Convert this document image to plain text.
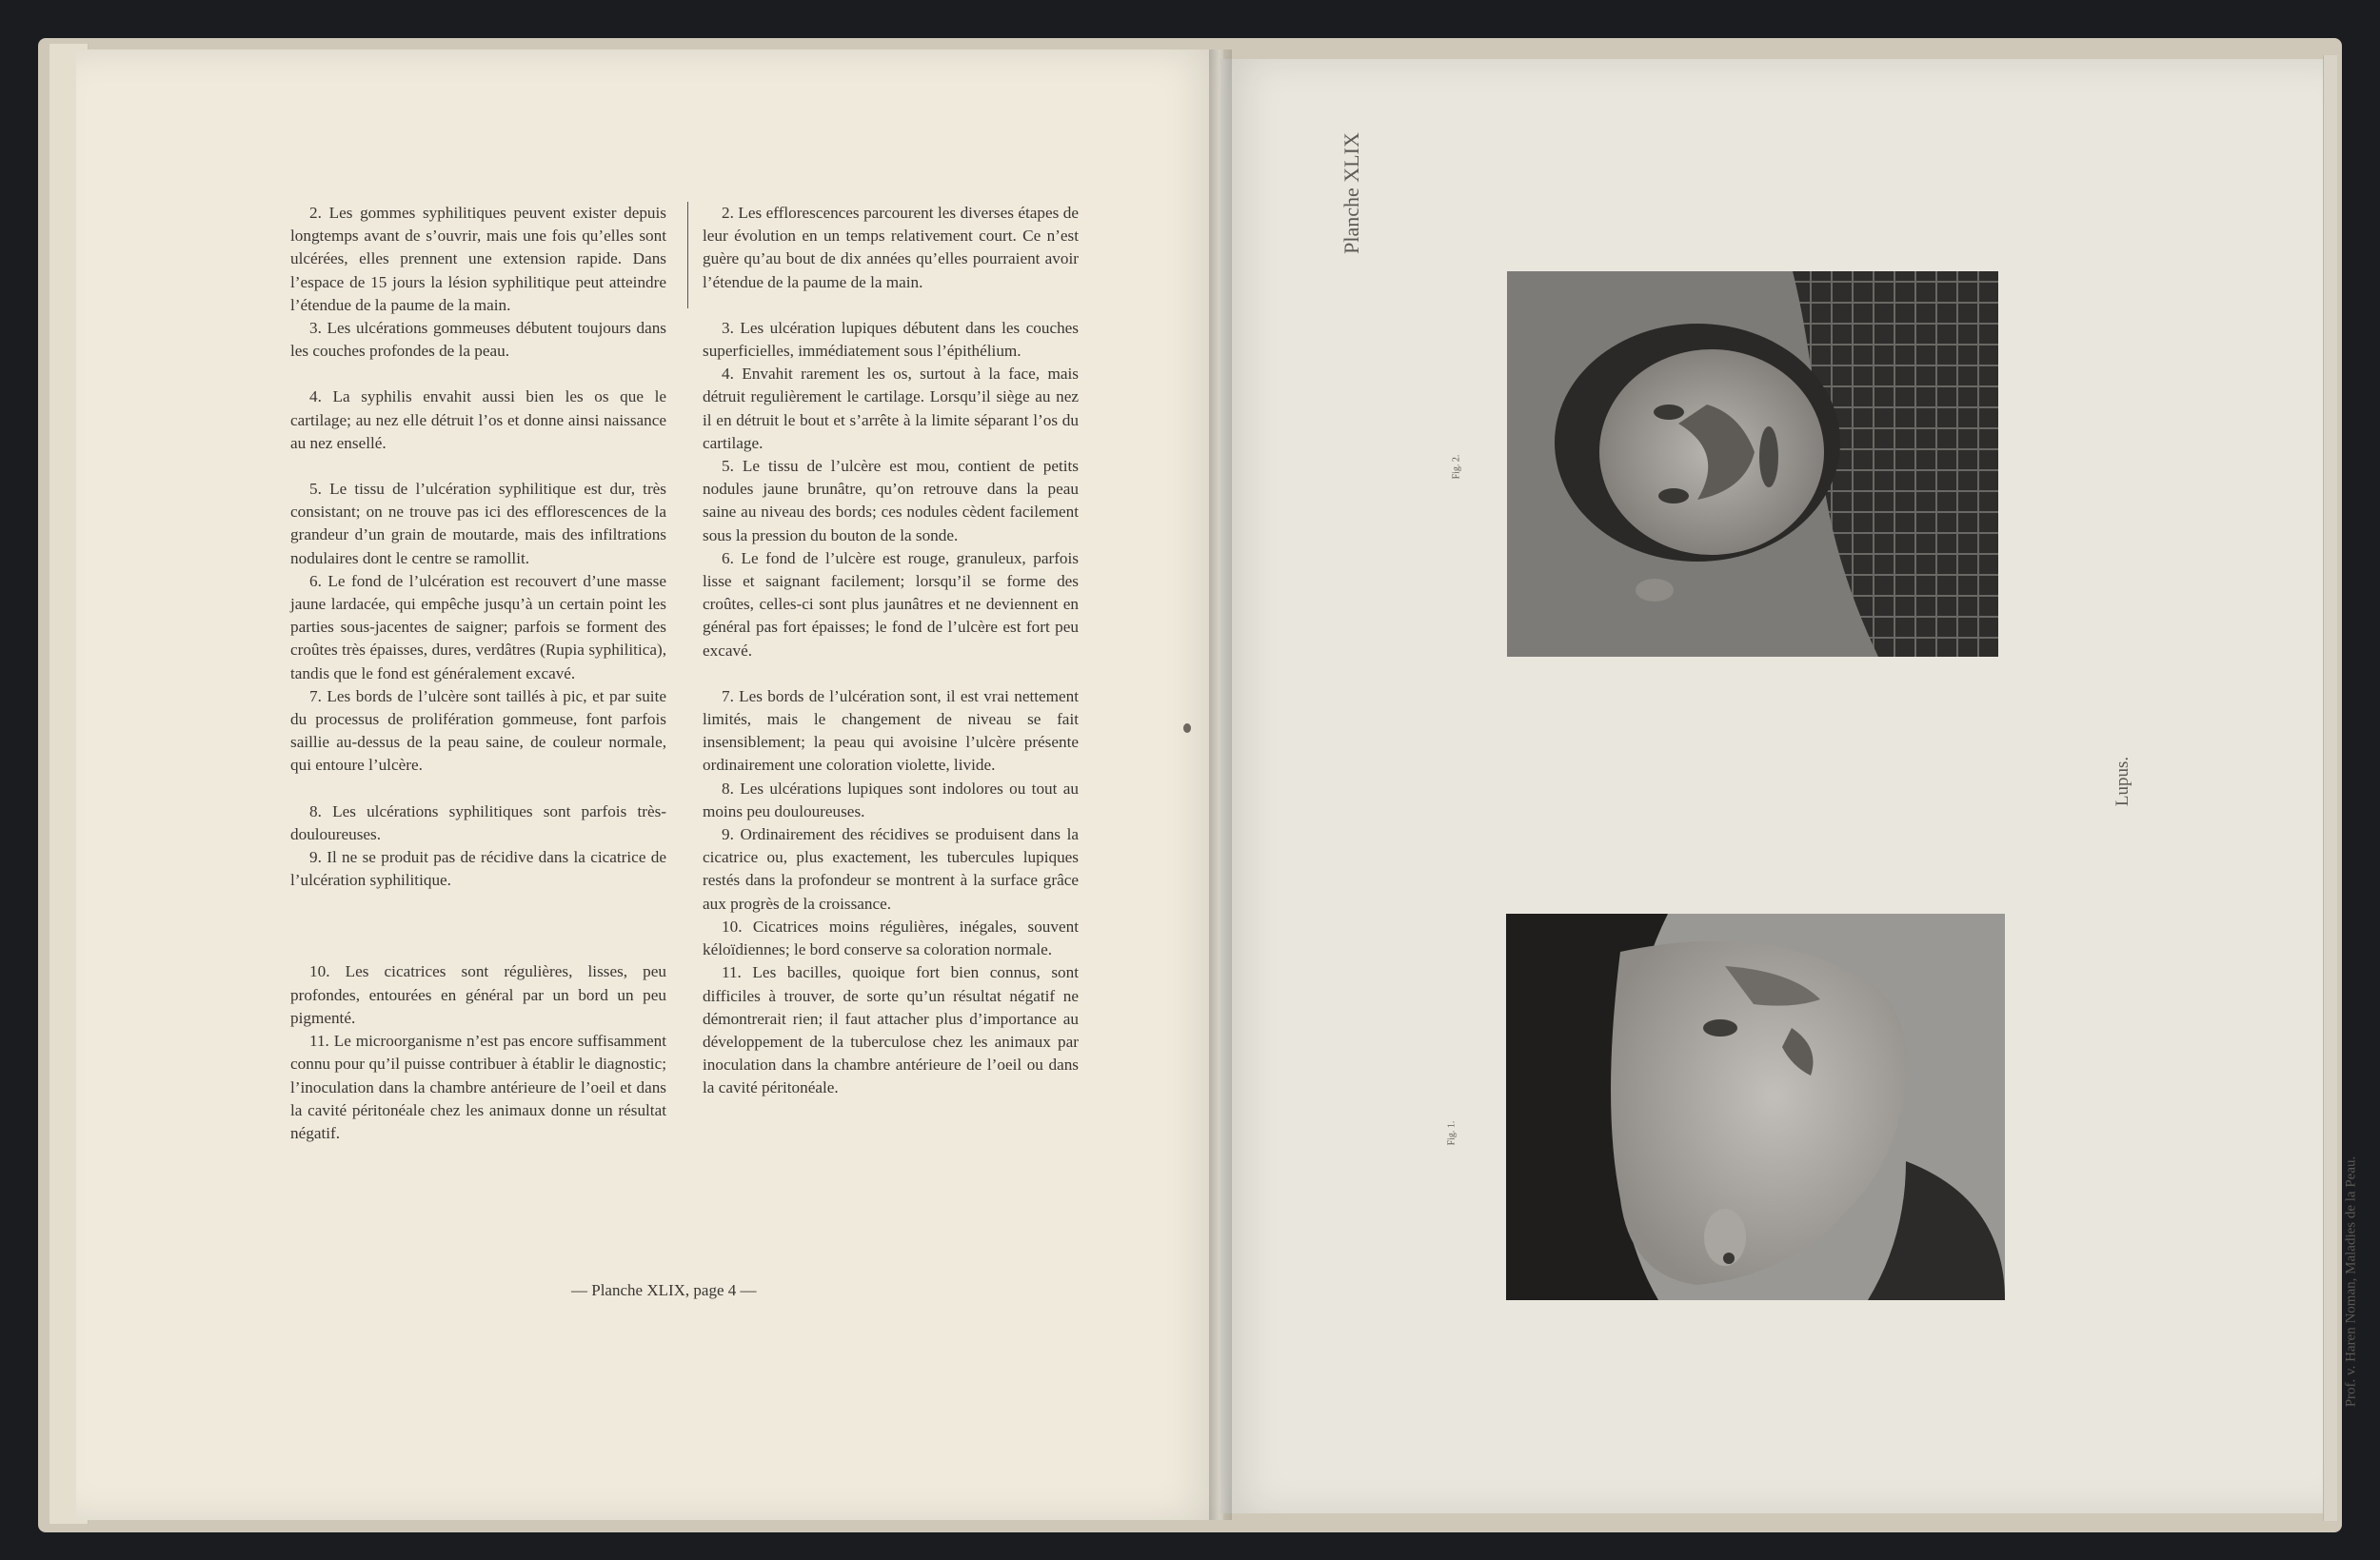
2. Les gommes syphilitiques peuvent exister depuis longtemps avant de s’ouvrir, mais une fois qu’elles sont ulcérées, elles prennent une extension rapide. Dans l’espace de 15 jours la lésion syphilitique peut atteindre l’étendue de la paume de la main.

3. Les ulcérations gommeuses débutent toujours dans les couches profondes de la peau.

4. La syphilis envahit aussi bien les os que le cartilage; au nez elle détruit l’os et donne ainsi naissance au nez ensellé.

5. Le tissu de l’ulcération syphilitique est dur, très consistant; on ne trouve pas ici des efflorescences de la grandeur d’un grain de moutarde, mais des infiltrations nodulaires dont le centre se ramollit.

6. Le fond de l’ulcération est recouvert d’une masse jaune lardacée, qui empêche jusqu’à un certain point les parties sous-jacentes de saigner; parfois se forment des croûtes très épaisses, dures, verdâtres (Rupia syphilitica), tandis que le fond est généralement excavé.

7. Les bords de l’ulcère sont taillés à pic, et par suite du processus de prolifération gommeuse, font parfois saillie au-dessus de la peau saine, de couleur normale, qui entoure l’ulcère.

8. Les ulcérations syphilitiques sont parfois très-douloureuses.

9. Il ne se produit pas de récidive dans la cicatrice de l’ulcération syphilitique.

10. Les cicatrices sont régulières, lisses, peu profondes, entourées en général par un bord un peu pigmenté.

11. Le microorganisme n’est pas encore suffisamment connu pour qu’il puisse contribuer à établir le diagnostic; l’inoculation dans la chambre antérieure de l’oeil et dans la cavité péritonéale chez les animaux donne un résultat négatif.

2. Les efflorescences parcourent les diverses étapes de leur évolution en un temps relativement court. Ce n’est guère qu’au bout de dix années qu’elles pourraient avoir l’étendue de la paume de la main.

3. Les ulcération lupiques débutent dans les couches superficielles, immédiatement sous l’épithélium.

4. Envahit rarement les os, surtout à la face, mais détruit regulièrement le cartilage. Lorsqu’il siège au nez il en détruit le bout et s’arrête à la limite séparant l’os du cartilage.

5. Le tissu de l’ulcère est mou, contient de petits nodules jaune brunâtre, qu’on retrouve dans la peau saine au niveau des bords; ces nodules cèdent facilement sous la pression du bouton de la sonde.

6. Le fond de l’ulcère est rouge, granuleux, parfois lisse et saignant facilement; lorsqu’il se forme des croûtes, celles-ci sont plus jaunâtres et ne deviennent en général pas fort épaisses; le fond de l’ulcère est fort peu excavé.

7. Les bords de l’ulcération sont, il est vrai nettement limités, mais le changement de niveau se fait insensiblement; la peau qui avoisine l’ulcère présente ordinairement une coloration violette, livide.

8. Les ulcérations lupiques sont indolores ou tout au moins peu douloureuses.

9. Ordinairement des récidives se produisent dans la cicatrice ou, plus exactement, les tubercules lupiques restés dans la profondeur se montrent à la surface grâce aux progrès de la croissance.

10. Cicatrices moins régulières, inégales, souvent kéloïdiennes; le bord conserve sa coloration normale.

11. Les bacilles, quoique fort bien connus, sont difficiles à trouver, de sorte qu’un résultat négatif ne démontrerait rien; il faut attacher plus d’importance au développement de la tuberculose chez les animaux par inoculation dans la chambre antérieure de l’oeil ou dans la cavité péritonéale.

— Planche XLIX, page 4 —
Planche XLIX
Lupus.
Prof. v. Haren Noman, Maladies de la Peau.
Fig. 2.
Fig. 1.
